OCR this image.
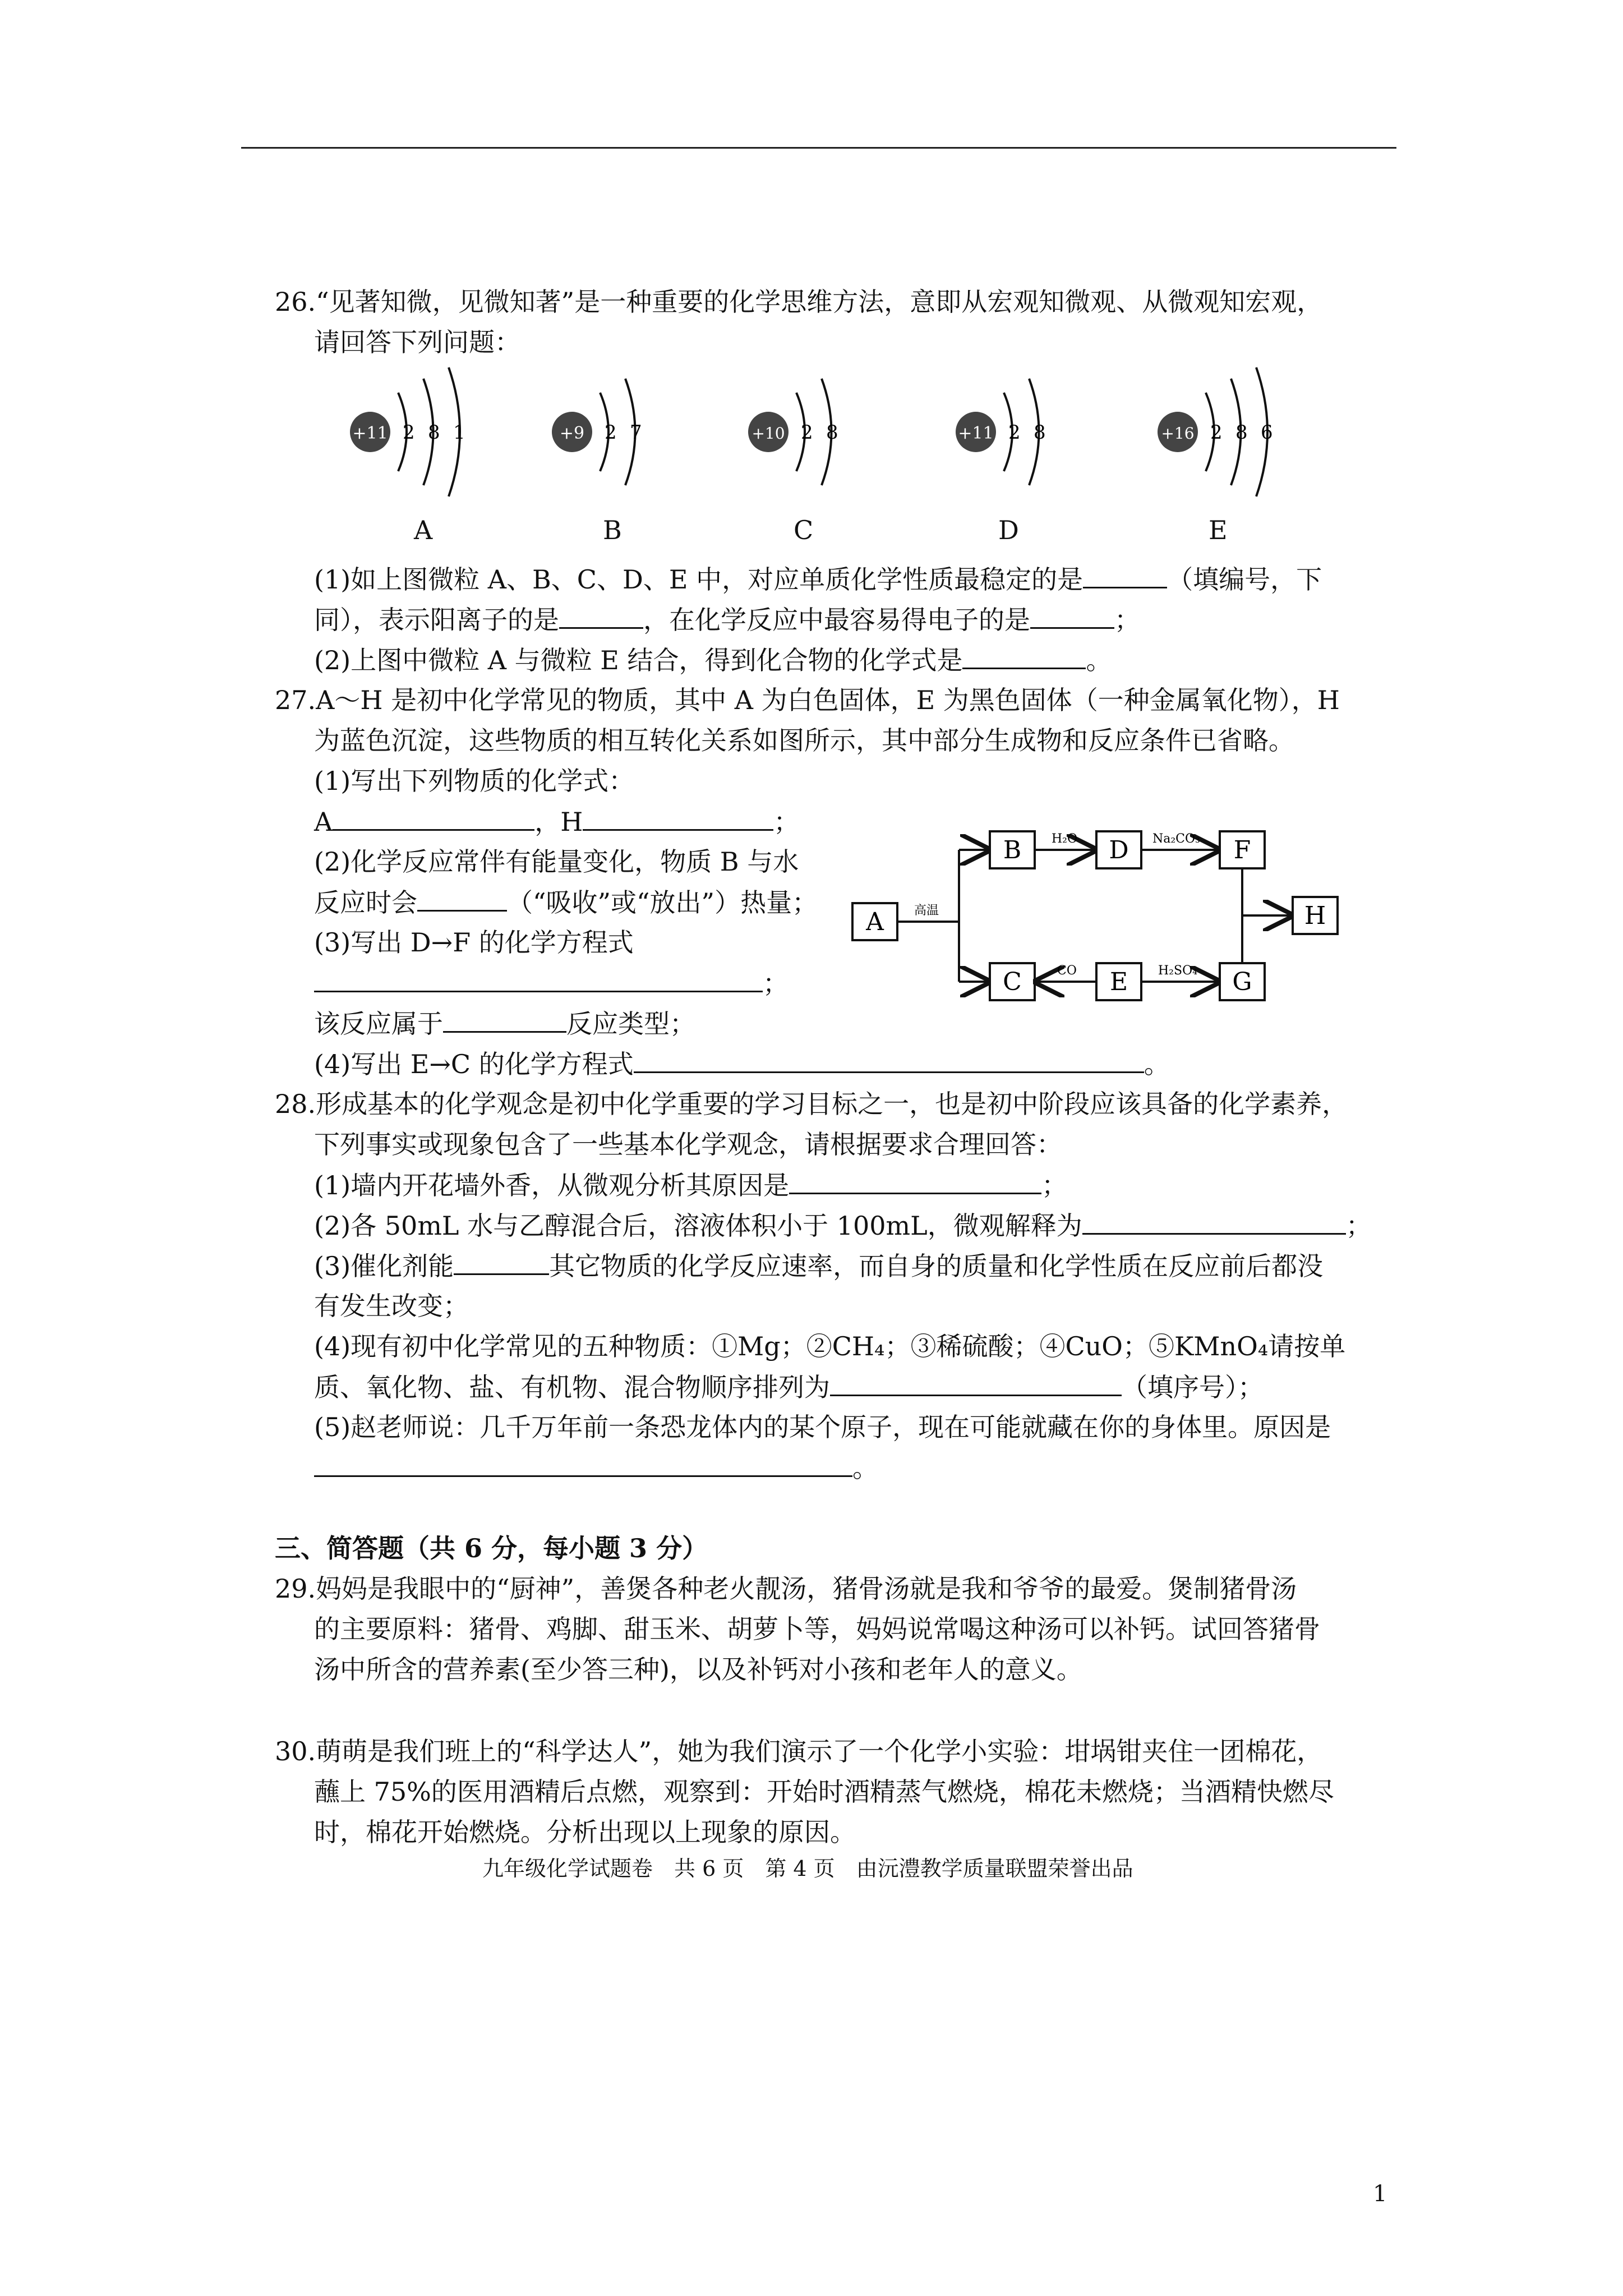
26.“见著知微，见微知著”是一种重要的化学思维方法，意即从宏观知微观、从微观知宏观，
请回答下列问题：
+11 2 8 1	+9 2 7	+10 2 8	+11 2 8	+16 2 8 6
A	B	C	D	E
(1)如上图微粒 A、B、C、D、E 中，对应单质化学性质最稳定的是	（填编号，下
同），表示阳离子的是	，在化学反应中最容易得电子的是	；
(2)上图中微粒 A 与微粒 E 结合，得到化合物的化学式是	。
27.A～H 是初中化学常见的物质，其中 A 为白色固体，E 为黑色固体（一种金属氧化物），H
为蓝色沉淀，这些物质的相互转化关系如图所示，其中部分生成物和反应条件已省略。
(1)写出下列物质的化学式：
A	，H	；
(2)化学反应常伴有能量变化，物质 B 与水
反应时会	（“吸收”或“放出”）热量；
(3)写出 D→F 的化学方程式
；
该反应属于	反应类型；
(4)写出 E→C 的化学方程式	。
A 高温
B H₂O D Na₂CO₃ F
C	CO E H₂SO₄ G
H
28.形成基本的化学观念是初中化学重要的学习目标之一，也是初中阶段应该具备的化学素养，
下列事实或现象包含了一些基本化学观念，请根据要求合理回答：
(1)墙内开花墙外香，从微观分析其原因是	；
(2)各 50mL 水与乙醇混合后，溶液体积小于 100mL，微观解释为	；
(3)催化剂能	其它物质的化学反应速率，而自身的质量和化学性质在反应前后都没
有发生改变；
(4)现有初中化学常见的五种物质：①Mg；②CH₄；③稀硫酸；④CuO；⑤KMnO₄请按单
质、氧化物、盐、有机物、混合物顺序排列为	（填序号）；
(5)赵老师说：几千万年前一条恐龙体内的某个原子，现在可能就藏在你的身体里。原因是
。
三、简答题（共 6 分，每小题 3 分）
29.妈妈是我眼中的“厨神”，善煲各种老火靓汤，猪骨汤就是我和爷爷的最爱。煲制猪骨汤
的主要原料：猪骨、鸡脚、甜玉米、胡萝卜等，妈妈说常喝这种汤可以补钙。试回答猪骨
汤中所含的营养素(至少答三种)，以及补钙对小孩和老年人的意义。
30.萌萌是我们班上的“科学达人”，她为我们演示了一个化学小实验：坩埚钳夹住一团棉花，
蘸上 75%的医用酒精后点燃，观察到：开始时酒精蒸气燃烧，棉花未燃烧；当酒精快燃尽
时，棉花开始燃烧。分析出现以上现象的原因。
九年级化学试题卷　共 6 页　第 4 页　由沅澧教学质量联盟荣誉出品
1
